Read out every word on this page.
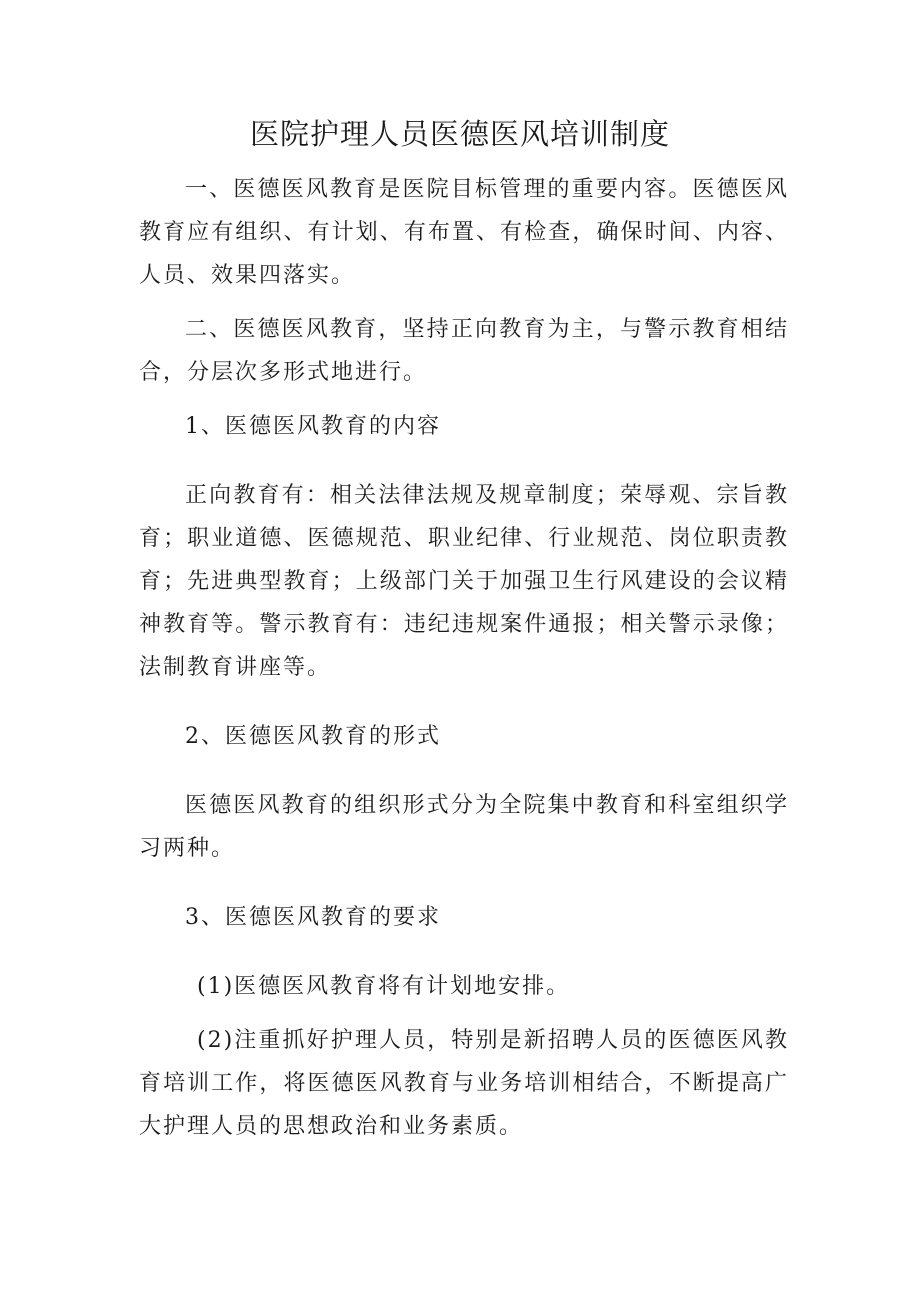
医院护理人员医德医风培训制度

一、医德医风教育是医院目标管理的重要内容。医德医风教育应有组织、有计划、有布置、有检查，确保时间、内容、人员、效果四落实。

二、医德医风教育，坚持正向教育为主，与警示教育相结合，分层次多形式地进行。

1、医德医风教育的内容

正向教育有：相关法律法规及规章制度；荣辱观、宗旨教育；职业道德、医德规范、职业纪律、行业规范、岗位职责教育；先进典型教育；上级部门关于加强卫生行风建设的会议精神教育等。警示教育有：违纪违规案件通报；相关警示录像；法制教育讲座等。

2、医德医风教育的形式

医德医风教育的组织形式分为全院集中教育和科室组织学习两种。

3、医德医风教育的要求

(1)医德医风教育将有计划地安排。

(2)注重抓好护理人员，特别是新招聘人员的医德医风教育培训工作，将医德医风教育与业务培训相结合，不断提高广大护理人员的思想政治和业务素质。
